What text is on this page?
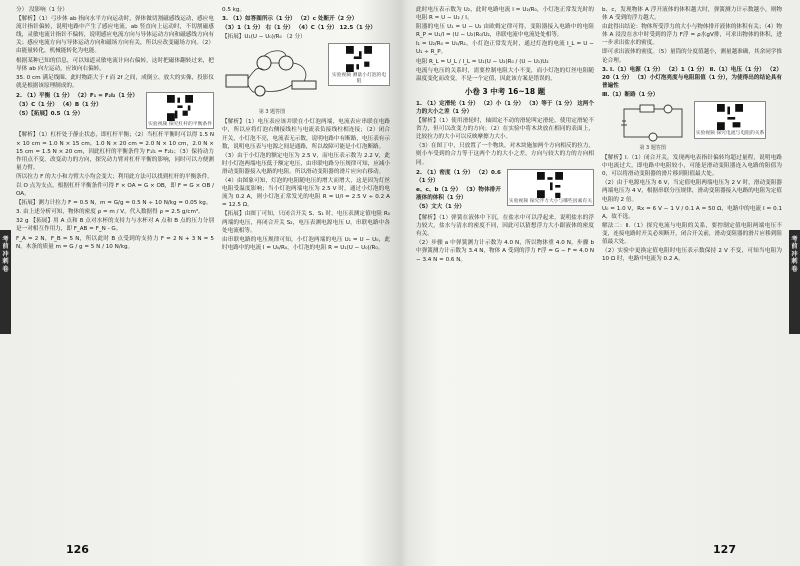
考前冲刺卷

分） 没影响（1 分）

【解析】（1）弓步体 ab 指向水平方向运动时，弹体做切割磁感线运动，感应电流计指针偏转，说明电路中产生了感应电流。ab 竖直向上运动时，不切割磁感线，灵敏电流计指针不偏转，说明感应电流方向与导体运动方向和磁感线方向有关；感应电流方向与导体运动方向和磁场方向有关，所以应改变磁场方向。（2）由能量转化，机械能转化为电能。

根据某种已知的信息，可以知道灵敏电流计向右偏转，这时把磁体翻转过来，把导体 ab 向左运动，应该向右偏转。

35. 0 cm 满足线圈、此时物距大于 f 而 2f 之间，成倒立、放大的实像，投影仪就是根据该原理制成的。

2. （1）平衡（1 分） （2）F₁ = F₂l₂（1 分）

（3）C（1 分） （4）B（1 分）

（5）【拓展】0.5（1 分）

实验视频 探究杠杆的平衡条件

【解析】（1）杠杆处于静止状态，即杠杆平衡；（2）当杠杆平衡时可以得 1.5 N × 10 cm = 1.0 N × 15 cm，1.0 N × 20 cm = 2.0 N × 10 cm，2.0 N × 15 cm = 1.5 N × 20 cm，因此杠杆的平衡条件为 F₁l₁ = F₂l₂；（3）保持动力作用点不变，改变动力的方向，探究动力臂对杠杆平衡的影响，同时可以方便测量力臂。

所以拉力 F 的大小和力臂大小均会变大；利用此方法可以找到杠杆的平衡条件。

以 O 点为支点，根据杠杆平衡条件可得 F × OA = G × OB，即 F = G × OB / OA。

【拓展】测力计拉力 F = 0.5 N，m = G/g = 0.5 N ÷ 10 N/kg = 0.05 kg。

3. 由上述分析可知，物体的密度 ρ = m / V，代入数据得 ρ = 2.5 g/cm³。

32 g 【拓展】用 A 点和 B 点对水杯的支持力与水杯对 A 点和 B 点的压力分别是一对相互作用力，即 F_AB = F_N - G。

F_A = 2 N，F_B = 5 N，所以此时 B 点受到的支持力 F = 2 N + 3 N = 5 N，木条的质量 m = G / g = 5 N / 10 N/kg。

0.5 kg。

3. （1）如答图所示（1 分） （2）c 处断开（2 分）

（3）1（1 分） 右（1 分） （4）C（1 分） 12.5（1 分）

【拓展】U₁(U − U₀)/R₀ （2 分）

第 3 题答图
实验视频 测量小灯泡的电阻

【解析】（1）电压表应该并联在小灯泡两端，电流表应串联在电路中，所以应将灯泡右侧接线柱与电流表负接线柱相连接；（2）闭合开关，小灯泡不亮，电流表无示数，说明电路中有断路，电压表有示数，说明电压表与电源之间是通路，所以故障可能是小灯泡断路。

（3）由于小灯泡的额定电压为 2.5 V，而电压表示数为 2.2 V，此时小灯泡两端电压低于额定电压，由串联电路分压规律可知，应减小滑动变阻器接入电路的电阻，所以滑动变阻器的滑片应向右移动。

（4）由图象可知，灯泡的电阻随电压的增大而增大，这是因为灯丝电阻受温度影响；当小灯泡两端电压为 2.5 V 时，通过小灯泡的电流为 0.2 A，则小灯泡正常发光的电阻 R = U/I = 2.5 V ÷ 0.2 A = 12.5 Ω。

【拓展】由图丁可知，只闭合开关 S、S₁ 时，电压表测定值电阻 R₀ 两端的电压，再闭合开关 S₂，电压表测电源电压 U，串联电路中各处电流相等。

由串联电路的电压规律可知，小灯泡两端的电压 U₁ = U − U₀，此时电路中的电流 I = U₀/R₀，小灯泡的电阻 R = U₁(U − U₀)/R₀。

126
考前冲刺卷

此时电压表示数为 U₂，此时电路电流 I = U₂/R₀，小灯泡正常发光时的电阻 R = U − U₂ / I。

阻器的电压 U₁ = U − U₂ 由欧姆定律可得，变阻器接入电路中的电阻 R_P = U₁/I = (U − U₂)R₀/U₂，串联电流中电流处处相等。

I₁ = U₂/R₀ = U₁/R₁，小灯泡正常发光时，通过灯泡的电流 I_L = U − U₁ ÷ R_P。

电阻 R_L = U_L / I_L = U₁(U − U₂)R₀ / (U − U₁)U₂

电流与电压的关系时，需要控制电阻大小不变，而小灯泡的灯丝电阻随温度变化而改变，不是一个定值，因此该方案是错误的。

小卷 3 中考 16~18 题

1. （1）定滑轮（1 分） （2）小（1 分） （3）等于（1 分） 这两个力的大小之差（1 分）

【解析】（1）使用滑轮时，轴固定不动的滑轮叫定滑轮，使用定滑轮不省力，但可以改变力的方向；（2）在实验中将木块放在相同的表面上，比较拉力的大小可以反映摩擦力大小。

（3）在图丁中，只放置了一个物块，对木块施加两个方向相反的拉力，则小车受到的合力等于这两个力的大小之差，方向与较大的力的方向相同。

2. （1）密度（1 分） （2）0.6（1 分）

e、c、b（1 分） （3）物体排开液体的体积（1 分）

（5）文大（1 分）

实验视频 探究浮力大小与哪些因素有关

【解析】（1）弹簧在液体中下沉，在盐水中可以浮起来，说明盐水的浮力较大，盐水与清水的密度不同，因此可以猜想浮力大小跟液体的密度有关。

（2）步骤 a 中弹簧测力计示数为 4.0 N，所以物体重 4.0 N，步骤 b 中弹簧测力计示数为 3.4 N，物体 A 受到的浮力 F浮 = G − F = 4.0 N − 3.4 N = 0.6 N。

b、c，发现物体 A 浮开液体的体积越大时，弹簧测力计示数越小，则物体 A 受到的浮力越大。

由此得出结论：物体所受浮力的大小与物体排开液体的体积有关；（4）物体 A 浸没在水中时受到的浮力 F浮 = ρ水gV排，可求出物体的体积，进一步求出盐水的密度。

即可求出液体的密度。（5）量筒的分度值越小，测量越准确，其余同学推论合理。

3. Ⅰ.（1）电源（1 分） （2）1（1 分） Ⅱ.（1）电压（1 分） （2）20（1 分） （3）小灯泡亮度与电阻阻值（1 分），为使得出的结论具有普遍性

Ⅲ.（1）断路（1 分）

第 3 题答图
实验视频 探究电流与电阻的关系

【解析】Ⅰ.（1）闭合开关，发现两电表指针偏转均超过量程，说明电路中电流过大，即电路中电阻较小，可能是滑动变阻器连入电路的阻值为 0，可以将滑动变阻器的滑片移到阻值最大处。

（2）由于电源电压为 6 V，当定值电阻两端电压为 2 V 时，滑动变阻器两端电压为 4 V，根据串联分压规律，滑动变阻器接入电路的电阻为定值电阻的 2 倍。

U₀ = 1.0 V，Rx = 6 V − 1 V / 0.1 A = 50 Ω，电路中的电流 I = 0.1 A，故不选。

解法二：Ⅱ.（1）探究电流与电阻的关系，要控制定值电阻两端电压不变，连接电路时开关必须断开，闭合开关前，滑动变阻器的滑片应移到阻值最大处。

（2）实验中更换定值电阻时电压表示数保持 2 V 不变，可知当电阻为 10 Ω 时，电路中电流为 0.2 A。

127
